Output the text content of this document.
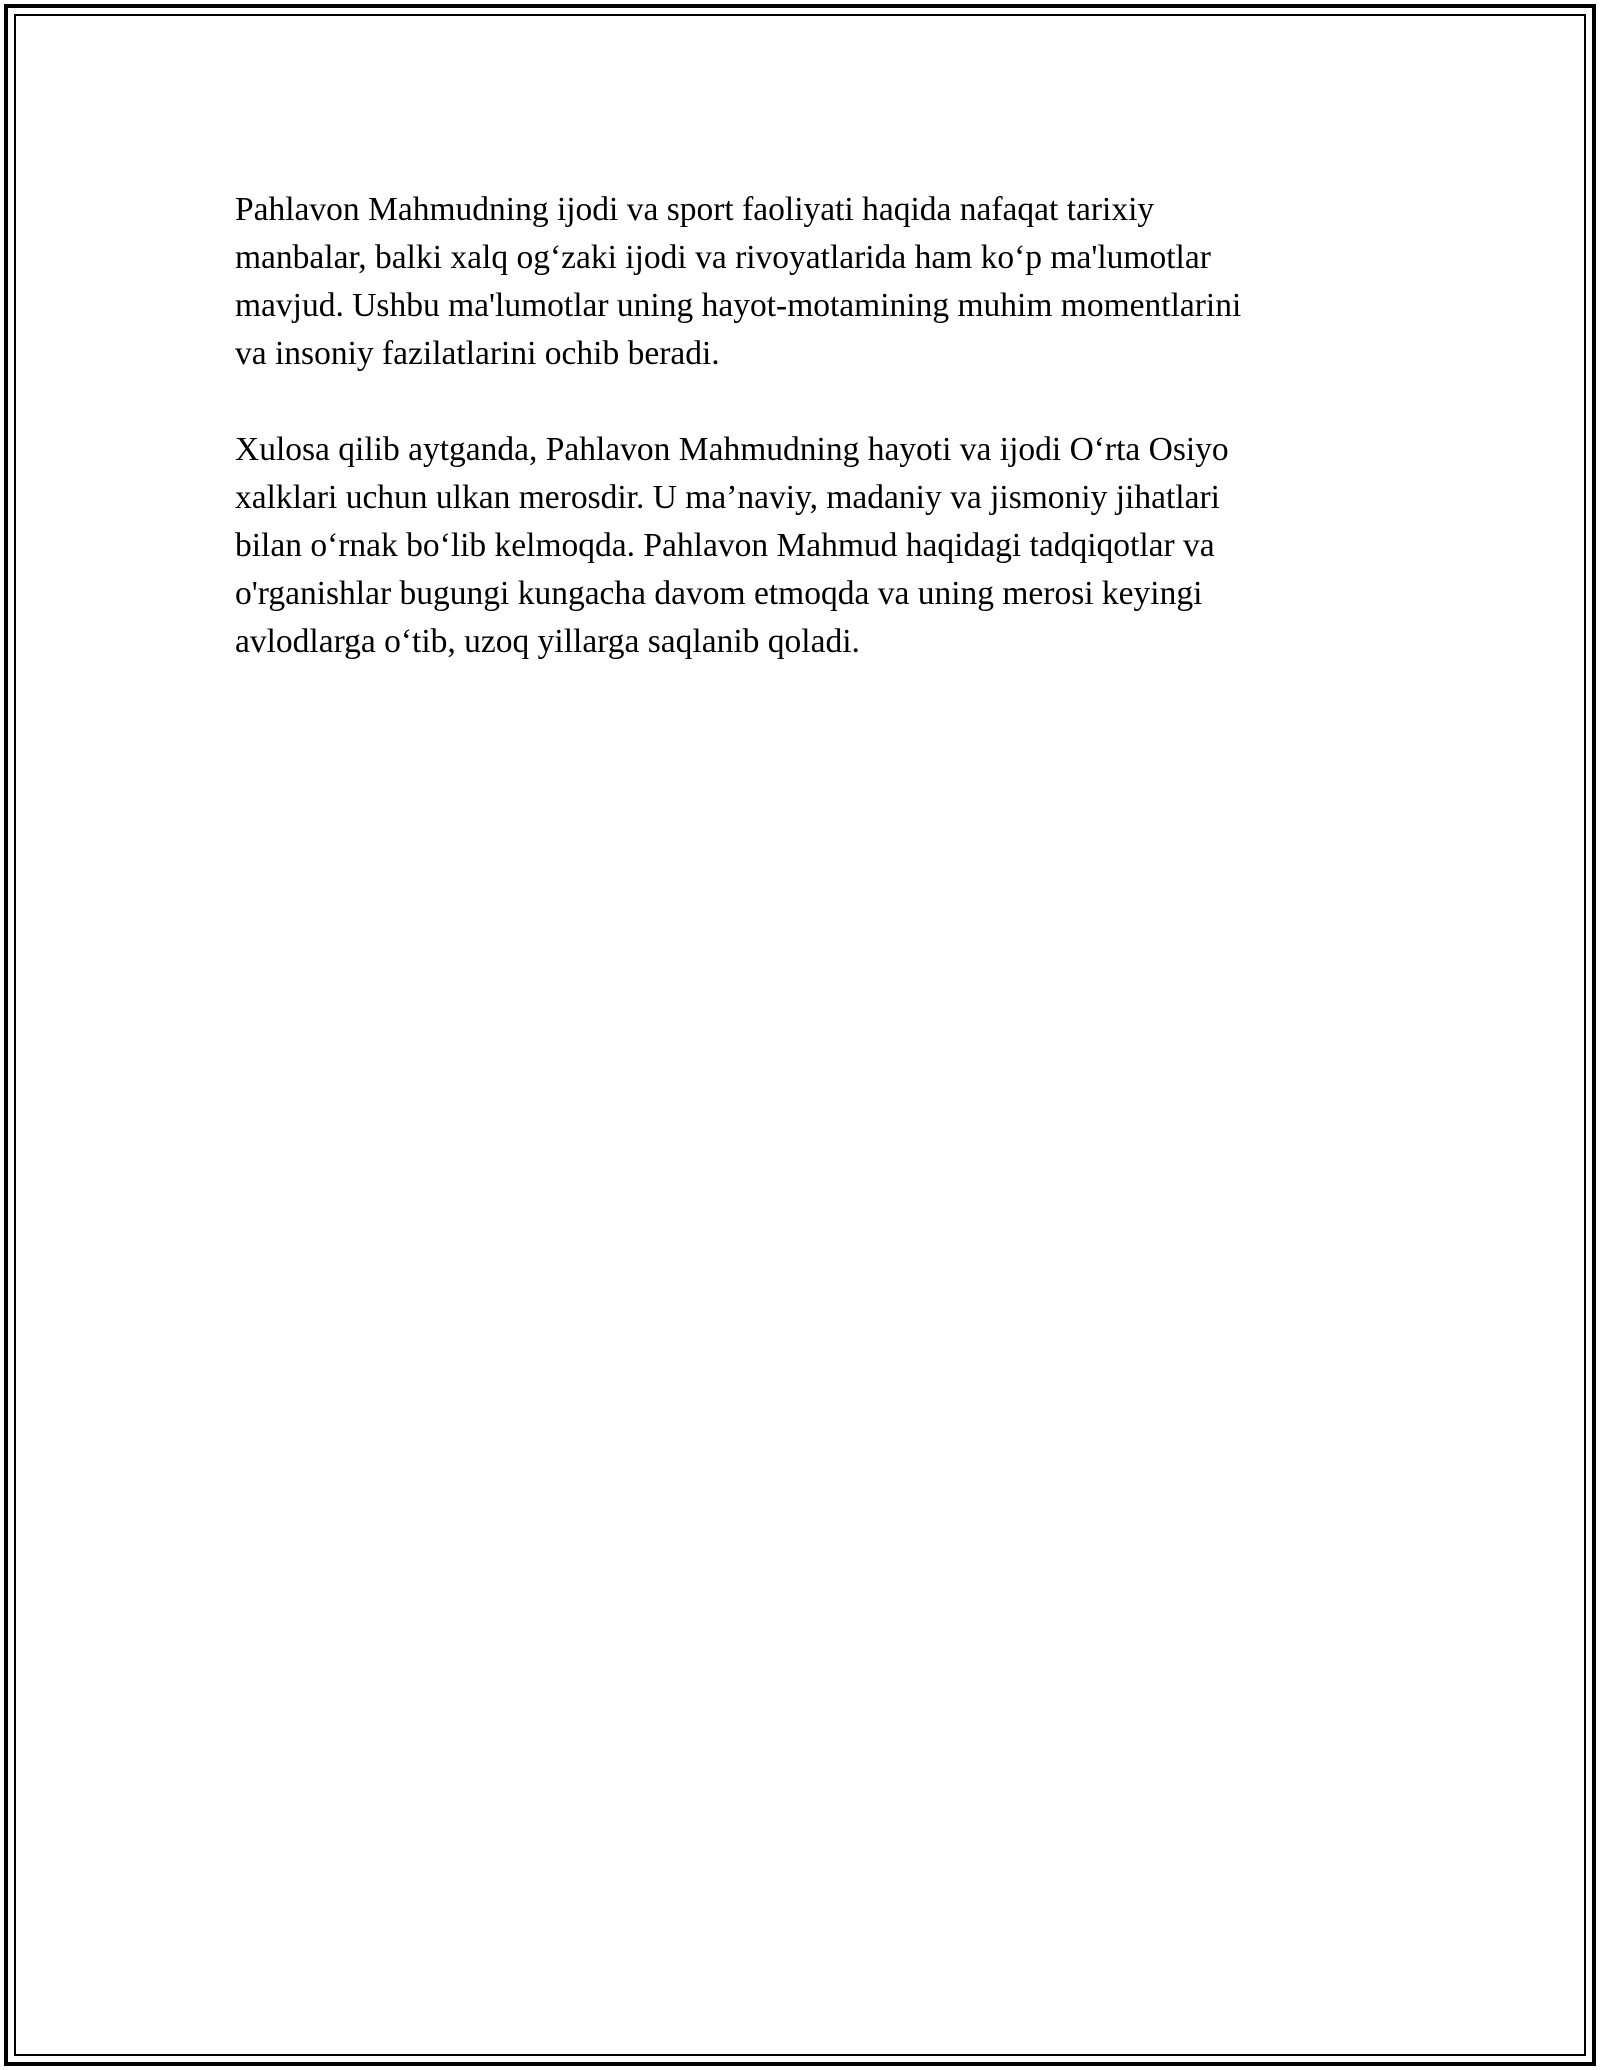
Pahlavon Mahmudning ijodi va sport faoliyati haqida nafaqat tarixiy
manbalar, balki xalq og‘zaki ijodi va rivoyatlarida ham ko‘p ma'lumotlar
mavjud. Ushbu ma'lumotlar uning hayot-motamining muhim momentlarini
va insoniy fazilatlarini ochib beradi.

Xulosa qilib aytganda, Pahlavon Mahmudning hayoti va ijodi O‘rta Osiyo
xalklari uchun ulkan merosdir. U ma’naviy, madaniy va jismoniy jihatlari
bilan o‘rnak bo‘lib kelmoqda. Pahlavon Mahmud haqidagi tadqiqotlar va
o'rganishlar bugungi kungacha davom etmoqda va uning merosi keyingi
avlodlarga o‘tib, uzoq yillarga saqlanib qoladi.
